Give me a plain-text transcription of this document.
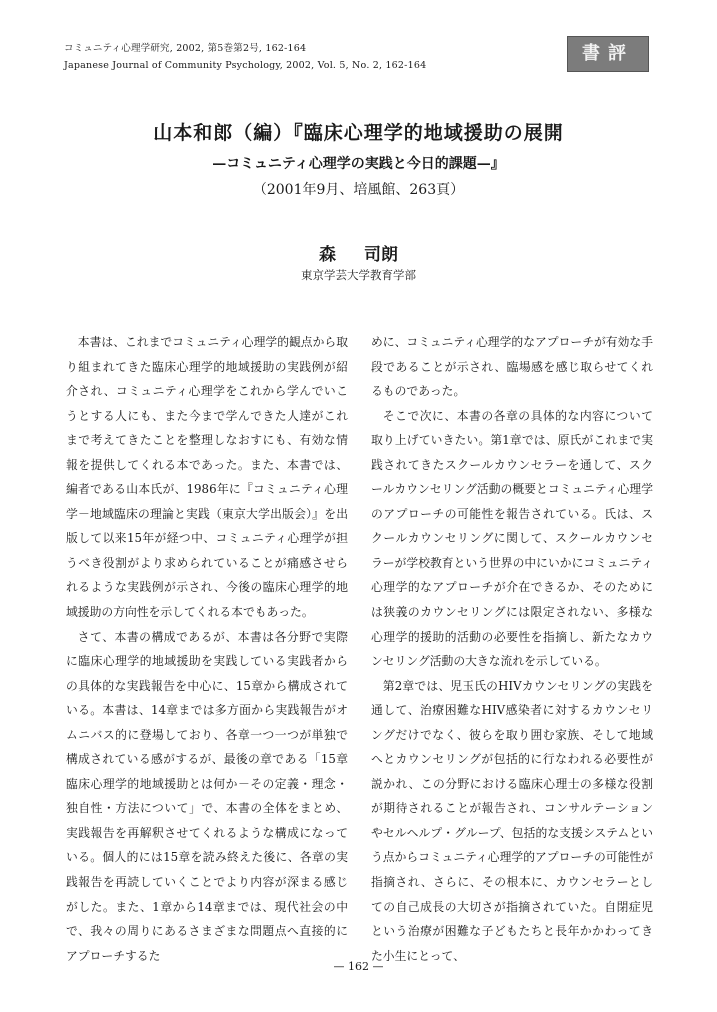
コミュニティ心理学研究, 2002, 第5巻第2号, 162-164
Japanese Journal of Community Psychology, 2002, Vol. 5, No. 2, 162-164
書評
山本和郎（編）『臨床心理学的地域援助の展開
—コミュニティ心理学の実践と今日的課題—』
（2001年9月、培風館、263頁）
森 司朗
東京学芸大学教育学部

本書は、これまでコミュニティ心理学的観点から取り組まれてきた臨床心理学的地域援助の実践例が紹介され、コミュニティ心理学をこれから学んでいこうとする人にも、また今まで学んできた人達がこれまで考えてきたことを整理しなおすにも、有効な情報を提供してくれる本であった。また、本書では、編者である山本氏が、1986年に『コミュニティ心理学－地域臨床の理論と実践（東京大学出版会）』を出版して以来15年が経つ中、コミュニティ心理学が担うべき役割がより求められていることが痛感させられるような実践例が示され、今後の臨床心理学的地域援助の方向性を示してくれる本でもあった。

さて、本書の構成であるが、本書は各分野で実際に臨床心理学的地域援助を実践している実践者からの具体的な実践報告を中心に、15章から構成されている。本書は、14章までは多方面から実践報告がオムニバス的に登場しており、各章一つ一つが単独で構成されている感がするが、最後の章である「15章　臨床心理学的地域援助とは何か－その定義・理念・独自性・方法について」で、本書の全体をまとめ、実践報告を再解釈させてくれるような構成になっている。個人的には15章を読み終えた後に、各章の実践報告を再読していくことでより内容が深まる感じがした。また、1章から14章までは、現代社会の中で、我々の周りにあるさまざまな問題点へ直接的にアプローチするた

めに、コミュニティ心理学的なアプローチが有効な手段であることが示され、臨場感を感じ取らせてくれるものであった。

そこで次に、本書の各章の具体的な内容について取り上げていきたい。第1章では、原氏がこれまで実践されてきたスクールカウンセラーを通して、スクールカウンセリング活動の概要とコミュニティ心理学のアプローチの可能性を報告されている。氏は、スクールカウンセリングに関して、スクールカウンセラーが学校教育という世界の中にいかにコミュニティ心理学的なアプローチが介在できるか、そのためには狭義のカウンセリングには限定されない、多様な心理学的援助的活動の必要性を指摘し、新たなカウンセリング活動の大きな流れを示している。

第2章では、児玉氏のHIVカウンセリングの実践を通して、治療困難なHIV感染者に対するカウンセリングだけでなく、彼らを取り囲む家族、そして地域へとカウンセリングが包括的に行なわれる必要性が説かれ、この分野における臨床心理士の多様な役割が期待されることが報告され、コンサルテーションやセルヘルプ・グループ、包括的な支援システムという点からコミュニティ心理学的アプローチの可能性が指摘され、さらに、その根本に、カウンセラーとしての自己成長の大切さが指摘されていた。自閉症児という治療が困難な子どもたちと長年かかわってきた小生にとって、

— 162 —
